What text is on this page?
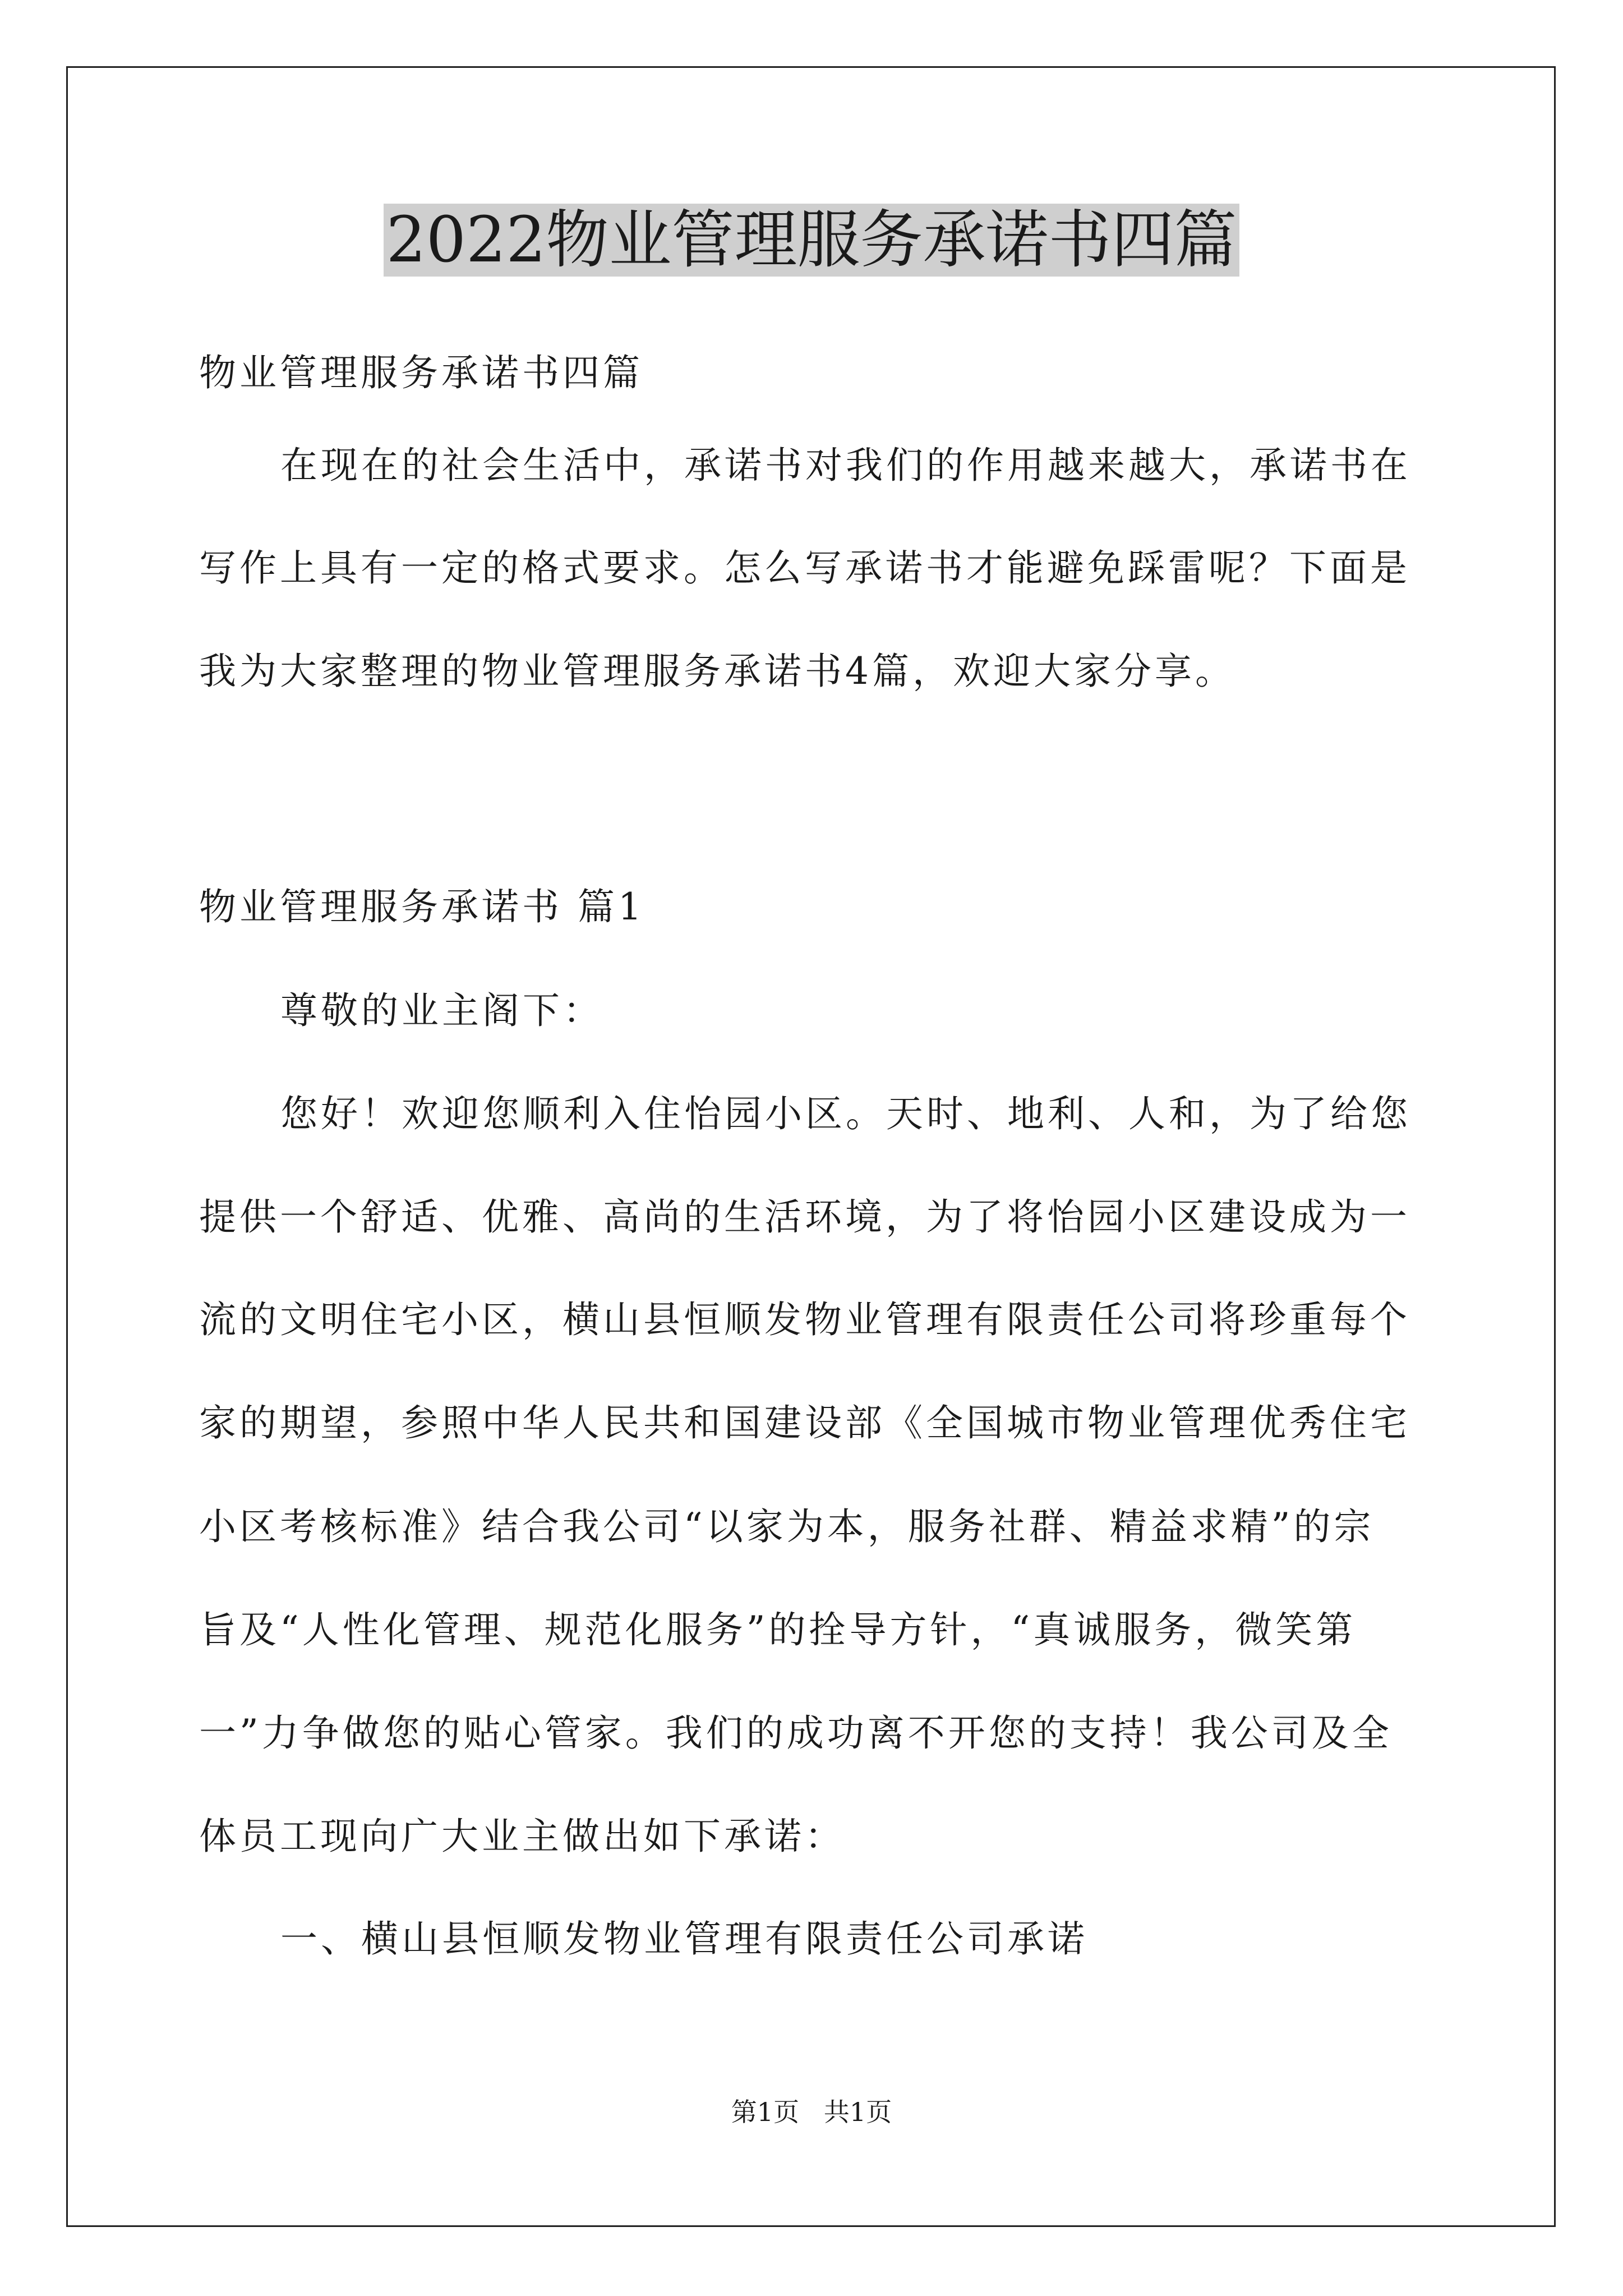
2022物业管理服务承诺书四篇
物业管理服务承诺书四篇
在现在的社会生活中，承诺书对我们的作用越来越大，承诺书在
写作上具有一定的格式要求。怎么写承诺书才能避免踩雷呢？下面是
我为大家整理的物业管理服务承诺书4篇，欢迎大家分享。
物业管理服务承诺书 篇1
尊敬的业主阁下：
您好！欢迎您顺利入住怡园小区。天时、地利、人和，为了给您
提供一个舒适、优雅、高尚的生活环境，为了将怡园小区建设成为一
流的文明住宅小区，横山县恒顺发物业管理有限责任公司将珍重每个
家的期望，参照中华人民共和国建设部《全国城市物业管理优秀住宅
小区考核标准》结合我公司“以家为本，服务社群、精益求精”的宗
旨及“人性化管理、规范化服务”的拴导方针，“真诚服务，微笑第
一”力争做您的贴心管家。我们的成功离不开您的支持！我公司及全
体员工现向广大业主做出如下承诺：
一、横山县恒顺发物业管理有限责任公司承诺
第1页   共1页
